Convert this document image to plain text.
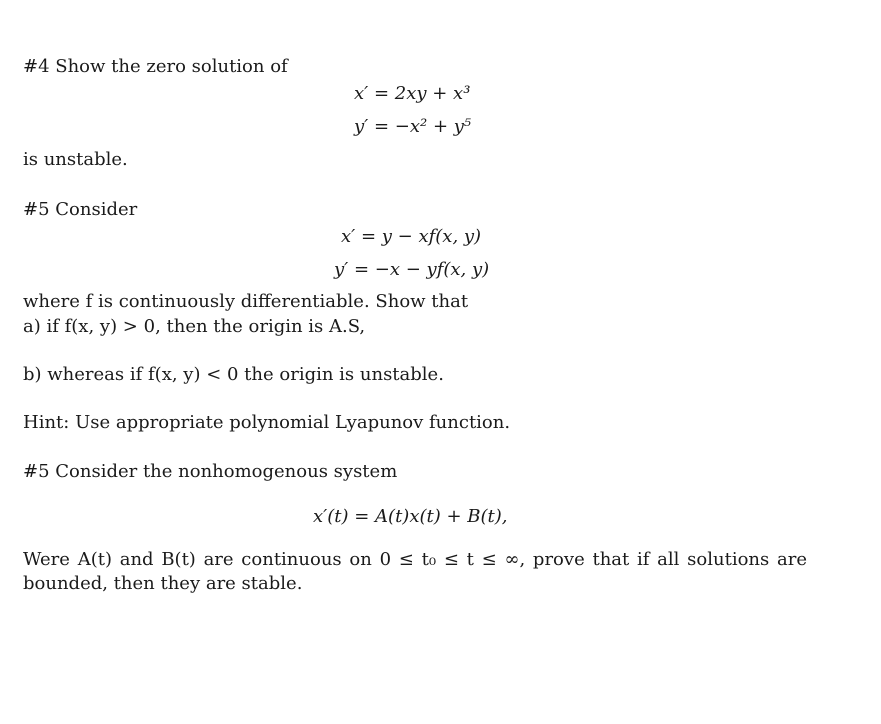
#4 Show the zero solution of
x′ = 2xy + x³
y′ = −x² + y⁵
is unstable.
#5 Consider
x′ = y − xf(x, y)
y′ = −x − yf(x, y)
where f is continuously differentiable. Show that
a) if f(x, y) > 0, then the origin is A.S,
b) whereas if f(x, y) < 0 the origin is unstable.
Hint: Use appropriate polynomial Lyapunov function.
#5 Consider the nonhomogenous system
x′(t) = A(t)x(t) + B(t),
Were A(t) and B(t) are continuous on 0 ≤ t₀ ≤ t ≤ ∞, prove that if all solutions are
bounded, then they are stable.
